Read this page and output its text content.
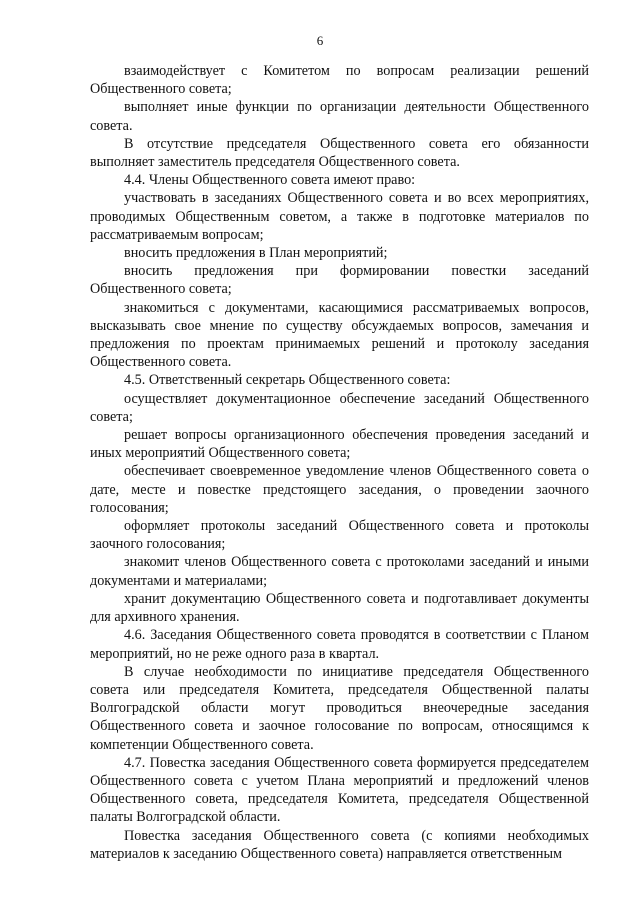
6

взаимодействует с Комитетом по вопросам реализации решений Общественного совета;

выполняет иные функции по организации деятельности Общественного совета.

В отсутствие председателя Общественного совета его обязанности выполняет заместитель председателя Общественного совета.

4.4. Члены Общественного совета имеют право:

участвовать в заседаниях Общественного совета и во всех мероприятиях, проводимых Общественным советом, а также в подготовке материалов по рассматриваемым вопросам;

вносить предложения в План мероприятий;

вносить предложения при формировании повестки заседаний Общественного совета;

знакомиться с документами, касающимися рассматриваемых вопросов, высказывать свое мнение по существу обсуждаемых вопросов, замечания и предложения по проектам принимаемых решений и протоколу заседания Общественного совета.

4.5. Ответственный секретарь Общественного совета:

осуществляет документационное обеспечение заседаний Общественного совета;

решает вопросы организационного обеспечения проведения заседаний и иных мероприятий Общественного совета;

обеспечивает своевременное уведомление членов Общественного совета о дате, месте и повестке предстоящего заседания, о проведении заочного голосования;

оформляет протоколы заседаний Общественного совета и протоколы заочного голосования;

знакомит членов Общественного совета с протоколами заседаний и иными документами и материалами;

хранит документацию Общественного совета и подготавливает документы для архивного хранения.

4.6. Заседания Общественного совета проводятся в соответствии с Планом мероприятий, но не реже одного раза в квартал.

В случае необходимости по инициативе председателя Общественного совета или председателя Комитета, председателя Общественной палаты Волгоградской области могут проводиться внеочередные заседания Общественного совета и заочное голосование по вопросам, относящимся к компетенции Общественного совета.

4.7. Повестка заседания Общественного совета формируется председателем Общественного совета с учетом Плана мероприятий и предложений членов Общественного совета, председателя Комитета, председателя Общественной палаты Волгоградской области.

Повестка заседания Общественного совета (с копиями необходимых материалов к заседанию Общественного совета) направляется ответственным
